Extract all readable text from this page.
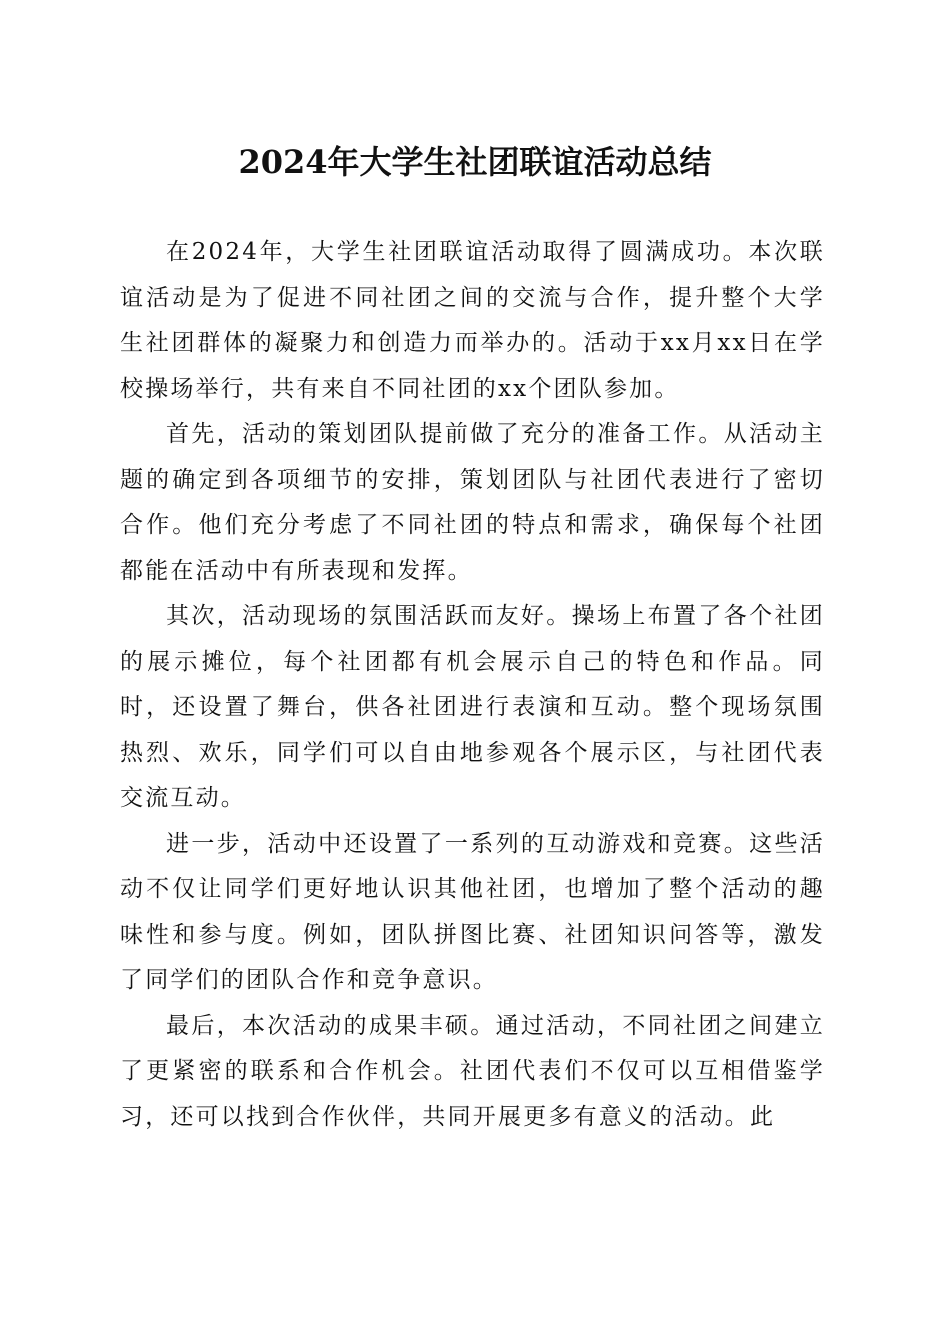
2024年大学生社团联谊活动总结

在2024年，大学生社团联谊活动取得了圆满成功。本次联谊活动是为了促进不同社团之间的交流与合作，提升整个大学生社团群体的凝聚力和创造力而举办的。活动于xx月xx日在学校操场举行，共有来自不同社团的xx个团队参加。

首先，活动的策划团队提前做了充分的准备工作。从活动主题的确定到各项细节的安排，策划团队与社团代表进行了密切合作。他们充分考虑了不同社团的特点和需求，确保每个社团都能在活动中有所表现和发挥。

其次，活动现场的氛围活跃而友好。操场上布置了各个社团的展示摊位，每个社团都有机会展示自己的特色和作品。同时，还设置了舞台，供各社团进行表演和互动。整个现场氛围热烈、欢乐，同学们可以自由地参观各个展示区，与社团代表交流互动。

进一步，活动中还设置了一系列的互动游戏和竞赛。这些活动不仅让同学们更好地认识其他社团，也增加了整个活动的趣味性和参与度。例如，团队拼图比赛、社团知识问答等，激发了同学们的团队合作和竞争意识。

最后，本次活动的成果丰硕。通过活动，不同社团之间建立了更紧密的联系和合作机会。社团代表们不仅可以互相借鉴学习，还可以找到合作伙伴，共同开展更多有意义的活动。此
